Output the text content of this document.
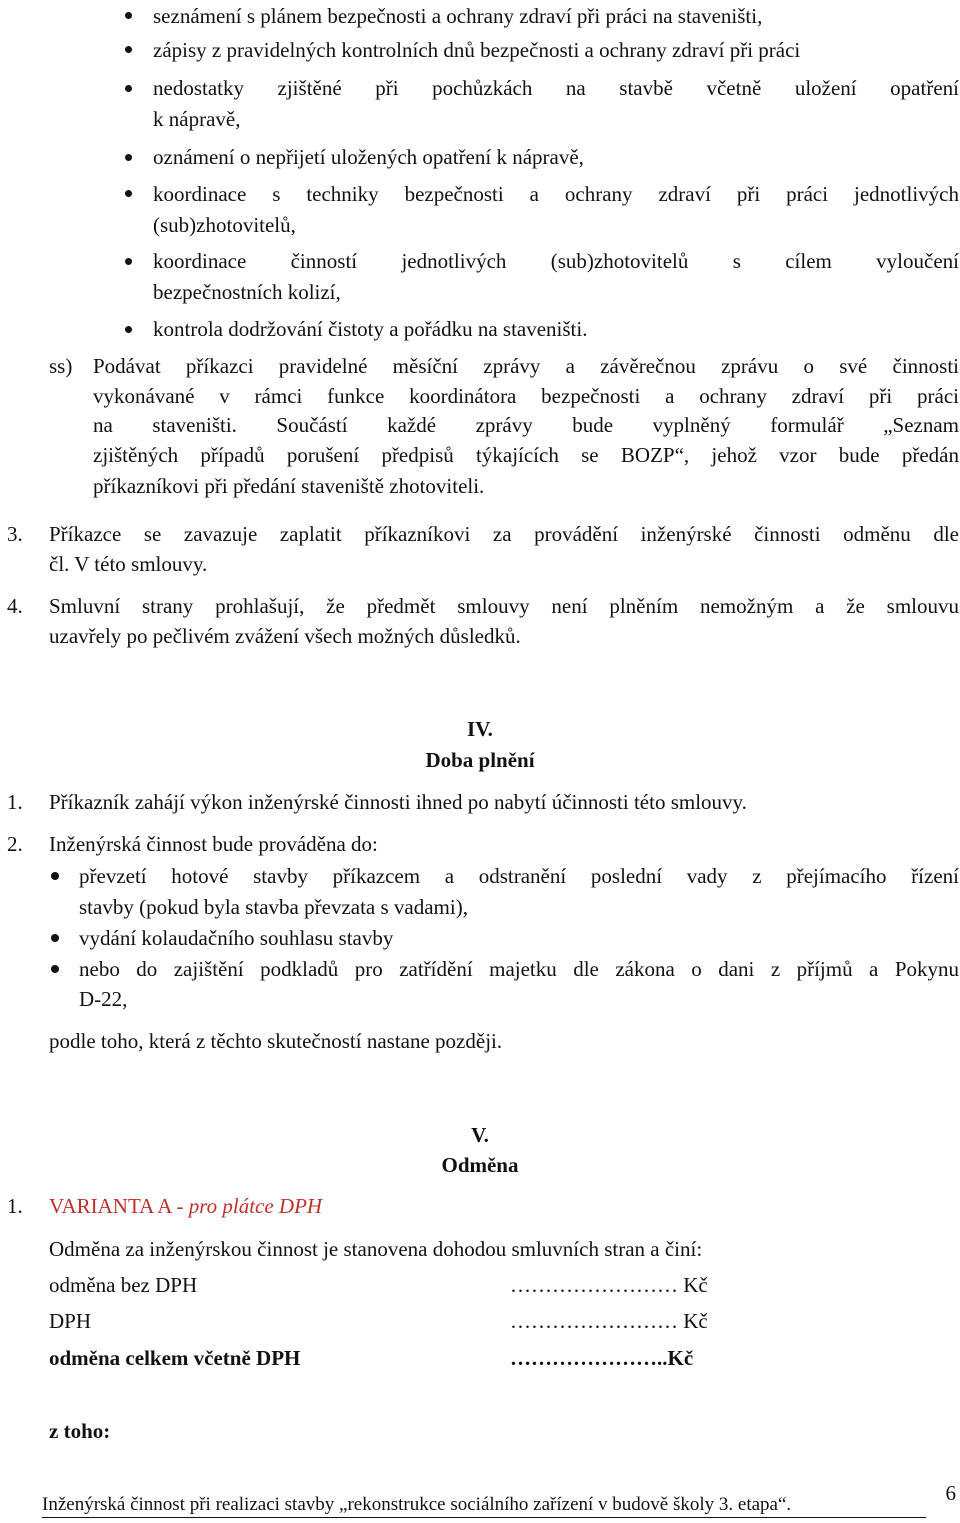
seznámení s plánem bezpečnosti a ochrany zdraví při práci na staveništi,
zápisy z pravidelných kontrolních dnů bezpečnosti a ochrany zdraví při práci
nedostatky zjištěné při pochůzkách na stavbě včetně uložení opatření
k nápravě,
oznámení o nepřijetí uložených opatření k nápravě,
koordinace s techniky bezpečnosti a ochrany zdraví při práci jednotlivých
(sub)zhotovitelů,
koordinace činností jednotlivých (sub)zhotovitelů s cílem vyloučení
bezpečnostních kolizí,
kontrola dodržování čistoty a pořádku na staveništi.
ss) Podávat příkazci pravidelné měsíční zprávy a závěrečnou zprávu o své činnosti
vykonávané v rámci funkce koordinátora bezpečnosti a ochrany zdraví při práci
na staveništi. Součástí každé zprávy bude vyplněný formulář „Seznam
zjištěných případů porušení předpisů týkajících se BOZP“, jehož vzor bude předán
příkazníkovi při předání staveniště zhotoviteli.
3. Příkazce se zavazuje zaplatit příkazníkovi za provádění inženýrské činnosti odměnu dle
čl. V této smlouvy.
4. Smluvní strany prohlašují, že předmět smlouvy není plněním nemožným a že smlouvu
uzavřely po pečlivém zvážení všech možných důsledků.
IV.
Doba plnění
1. Příkazník zahájí výkon inženýrské činnosti ihned po nabytí účinnosti této smlouvy.
2. Inženýrská činnost bude prováděna do:
převzetí hotové stavby příkazcem a odstranění poslední vady z přejímacího řízení
stavby (pokud byla stavba převzata s vadami),
vydání kolaudačního souhlasu stavby
nebo do zajištění podkladů pro zatřídění majetku dle zákona o dani z příjmů a Pokynu
D-22,
podle toho, která z těchto skutečností nastane později.
V.
Odměna
1. VARIANTA A - pro plátce DPH
Odměna za inženýrskou činnost je stanovena dohodou smluvních stran a činí:
odměna bez DPH	…………………… Kč
DPH	…………………… Kč
odměna celkem včetně DPH	…………………..Kč
z toho:
Inženýrská činnost při realizaci stavby „rekonstrukce sociálního zařízení v budově školy 3. etapa“.	6
